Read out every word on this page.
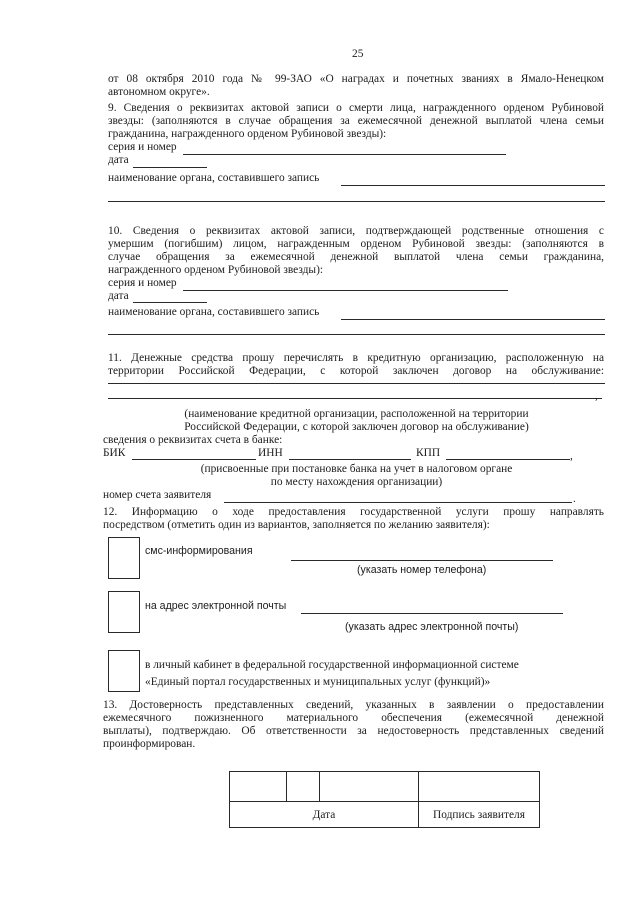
25
от 08 октября 2010 года № 99-ЗАО «О наградах и почетных званиях в Ямало-Ненецком
автономном округе».
9. Сведения о реквизитах актовой записи о смерти лица, награжденного орденом Рубиновой
звезды: (заполняются в случае обращения за ежемесячной денежной выплатой члена семьи
гражданина, награжденного орденом Рубиновой звезды):
серия и номер
дата
наименование органа, составившего запись
10. Сведения о реквизитах актовой записи, подтверждающей родственные отношения с
умершим (погибшим) лицом, награжденным орденом Рубиновой звезды: (заполняются в
случае обращения за ежемесячной денежной выплатой члена семьи гражданина,
награжденного орденом Рубиновой звезды):
серия и номер
дата
наименование органа, составившего запись
11. Денежные средства прошу перечислять в кредитную организацию, расположенную на
территории Российской Федерации, с которой заключен договор на обслуживание:
,
(наименование кредитной организации, расположенной на территории
Российской Федерации, с которой заключен договор на обслуживание)
сведения о реквизитах счета в банке:
БИК	ИНН	КПП	,
(присвоенные при постановке банка на учет в налоговом органе
по месту нахождения организации)
номер счета заявителя	.
12. Информацию о ходе предоставления государственной услуги прошу направлять
посредством (отметить один из вариантов, заполняется по желанию заявителя):
смс-информирования
(указать номер телефона)
на адрес электронной почты
(указать адрес электронной почты)
в личный кабинет в федеральной государственной информационной системе
«Единый портал государственных и муниципальных услуг (функций)»
13. Достоверность представленных сведений, указанных в заявлении о предоставлении
ежемесячного пожизненного материального обеспечения (ежемесячной денежной
выплаты), подтверждаю. Об ответственности за недостоверность представленных сведений
проинформирован.

Дата			Подпись заявителя
